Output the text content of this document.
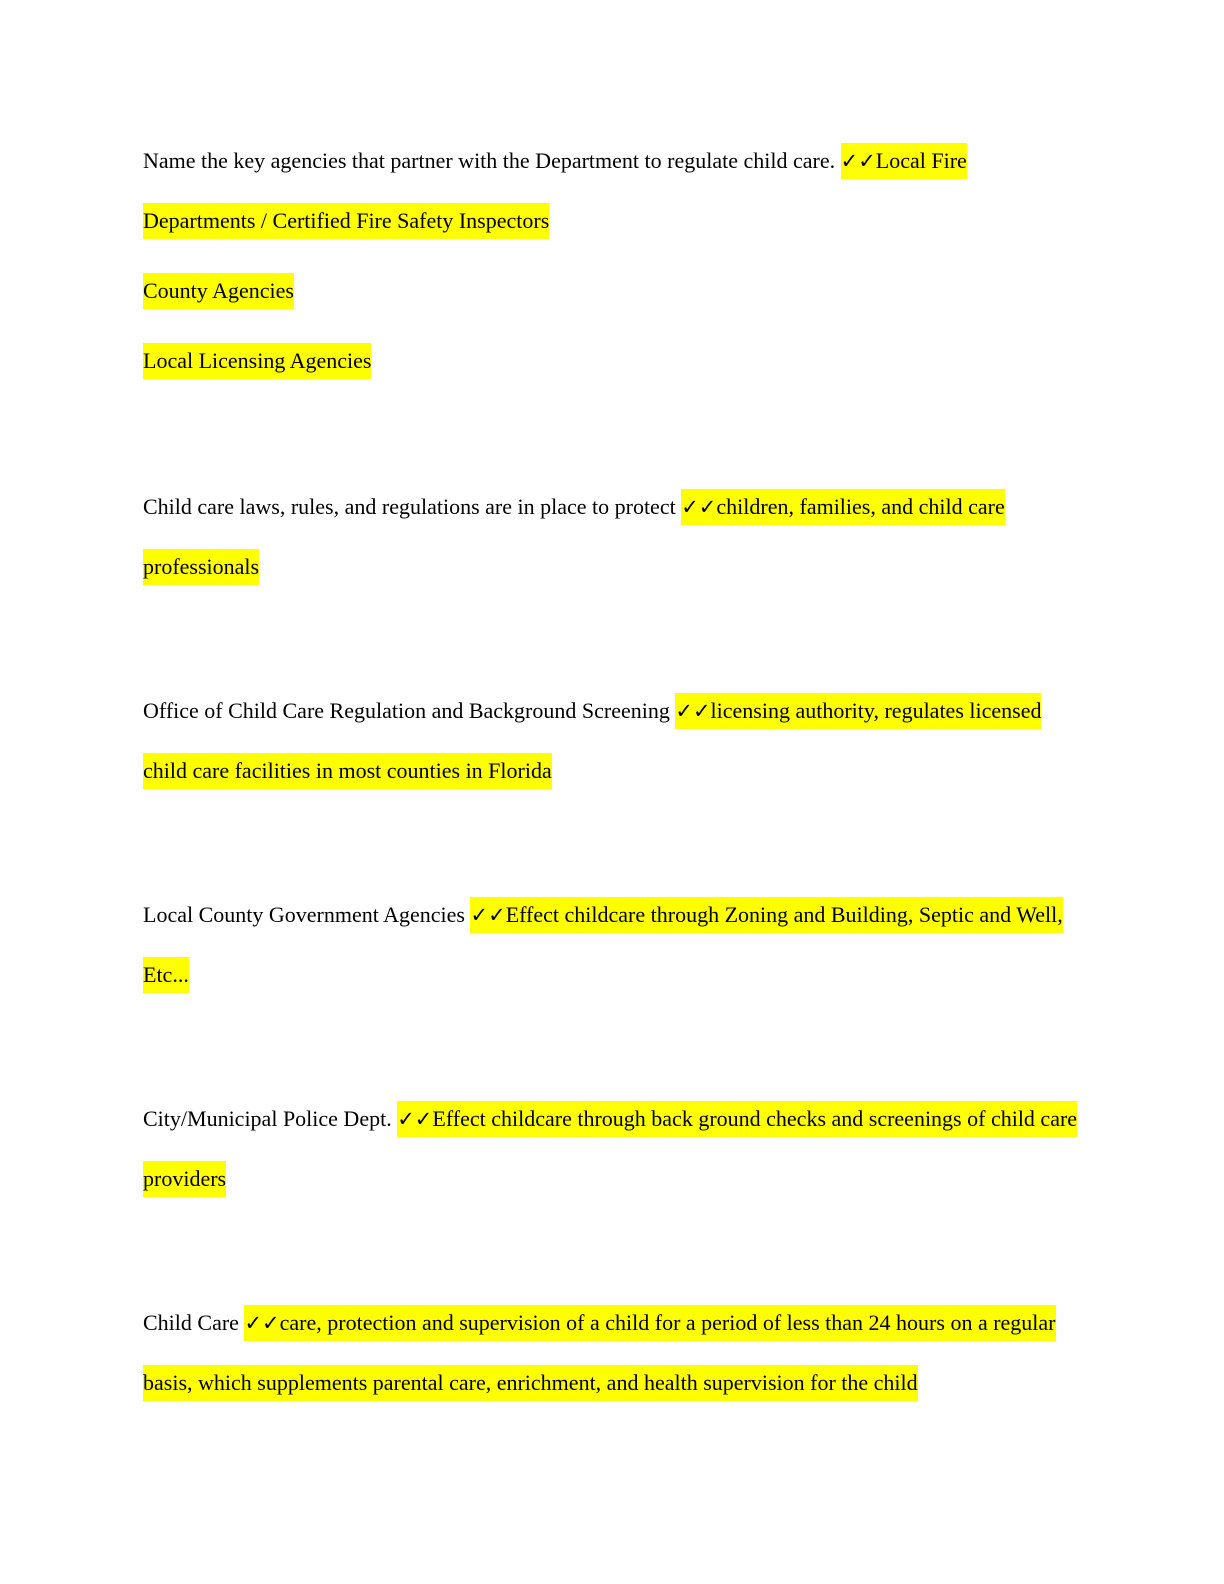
Name the key agencies that partner with the Department to regulate child care. ✓✓Local Fire Departments / Certified Fire Safety Inspectors

County Agencies

Local Licensing Agencies

Child care laws, rules, and regulations are in place to protect ✓✓children, families, and child care professionals

Office of Child Care Regulation and Background Screening ✓✓licensing authority, regulates licensed child care facilities in most counties in Florida

Local County Government Agencies ✓✓Effect childcare through Zoning and Building, Septic and Well, Etc...

City/Municipal Police Dept. ✓✓Effect childcare through back ground checks and screenings of child care providers

Child Care ✓✓care, protection and supervision of a child for a period of less than 24 hours on a regular basis, which supplements parental care, enrichment, and health supervision for the child
